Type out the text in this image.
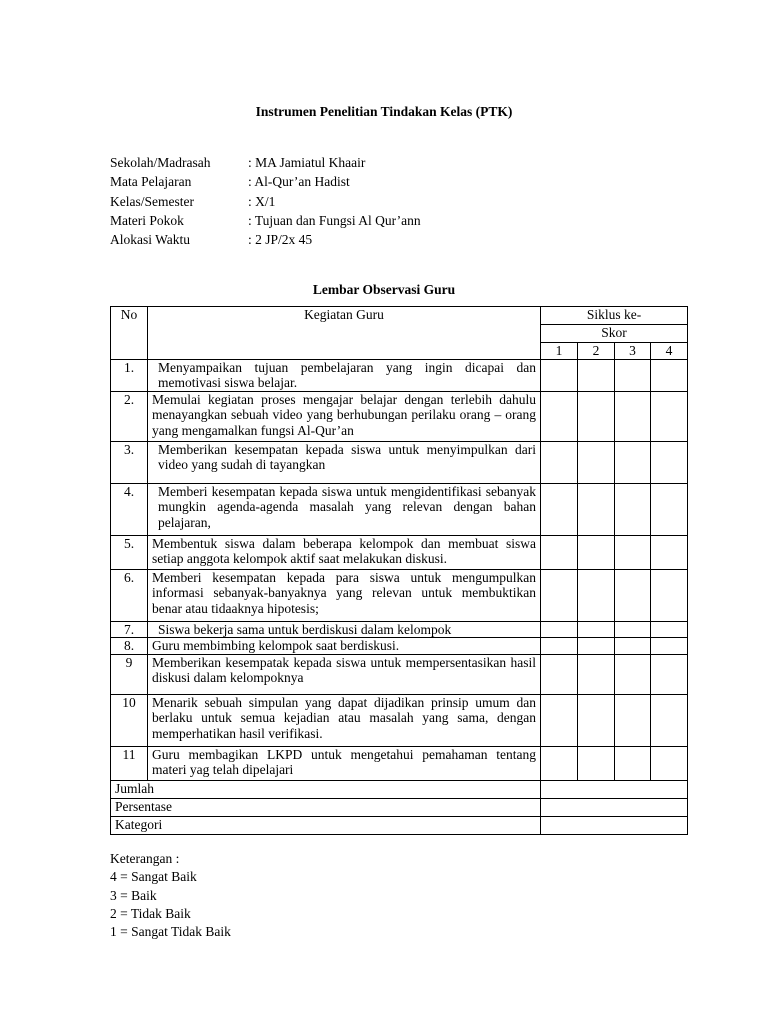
Instrumen Penelitian Tindakan Kelas (PTK)
Sekolah/Madrasah	: MA Jamiatul Khaair
Mata Pelajaran	: Al-Qur’an Hadist
Kelas/Semester	: X/1
Materi Pokok	: Tujuan dan Fungsi Al Qur’ann
Alokasi Waktu	: 2 JP/2x 45
Lembar Observasi Guru
No	Kegiatan Guru	Siklus ke-			
		Skor			
		1	2	3	4
1.	Menyampaikan tujuan pembelajaran yang ingin dicapai dan memotivasi siswa belajar.				
2.	Memulai kegiatan proses mengajar belajar dengan terlebih dahulu menayangkan sebuah video yang berhubungan perilaku orang – orang yang mengamalkan fungsi Al-Qur’an				
3.	Memberikan kesempatan kepada siswa untuk menyimpulkan dari video yang sudah di tayangkan				
4.	Memberi kesempatan kepada siswa untuk mengidentifikasi sebanyak mungkin agenda-agenda masalah yang relevan dengan bahan pelajaran,				
5.	Membentuk siswa dalam beberapa kelompok dan membuat siswa setiap anggota kelompok aktif saat melakukan diskusi.				
6.	Memberi kesempatan kepada para siswa untuk mengumpulkan informasi sebanyak-banyaknya yang relevan untuk membuktikan benar atau tidaaknya hipotesis;				
7.	Siswa bekerja sama untuk berdiskusi dalam kelompok				
8.	Guru membimbing kelompok saat berdiskusi.				
9	Memberikan kesempatak kepada siswa untuk mempersentasikan hasil diskusi dalam kelompoknya				
10	Menarik sebuah simpulan yang dapat dijadikan prinsip umum dan berlaku untuk semua kejadian atau masalah yang sama, dengan memperhatikan hasil verifikasi.				
11	Guru membagikan LKPD untuk mengetahui pemahaman tentang materi yag telah dipelajari				
Jumlah					
Persentase					
Kategori					
Keterangan :
4 = Sangat Baik
3 = Baik
2 = Tidak Baik
1 = Sangat Tidak Baik
